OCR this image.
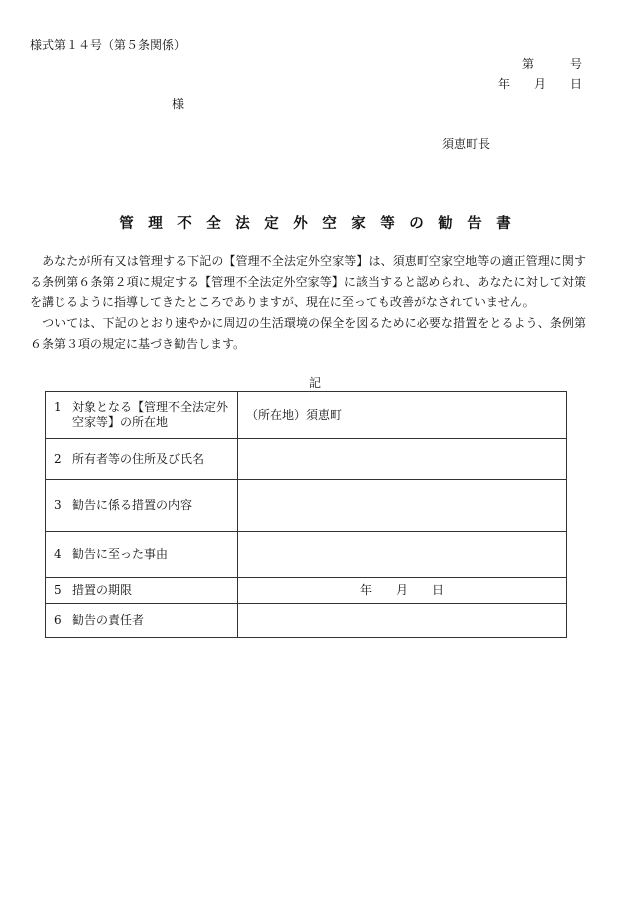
様式第１４号（第５条関係）
第　　　号
年　　月　　日
様
須恵町長
管　理　不　全　法　定　外　空　家　等　の　勧　告　書
　あなたが所有又は管理する下記の【管理不全法定外空家等】は、須恵町空家空地等の適正管理に関する条例第６条第２項に規定する【管理不全法定外空家等】に該当すると認められ、あなたに対して対策を講じるように指導してきたところでありますが、現在に至っても改善がなされていません。
　ついては、下記のとおり速やかに周辺の生活環境の保全を図るために必要な措置をとるよう、条例第６条第３項の規定に基づき勧告します。
記
1 対象となる【管理不全法定外空家等】の所在地	（所在地）須恵町

2 所有者等の住所及び氏名	

3 勧告に係る措置の内容	

4 勧告に至った事由	

5 措置の期限	年　　月　　日

6 勧告の責任者	
